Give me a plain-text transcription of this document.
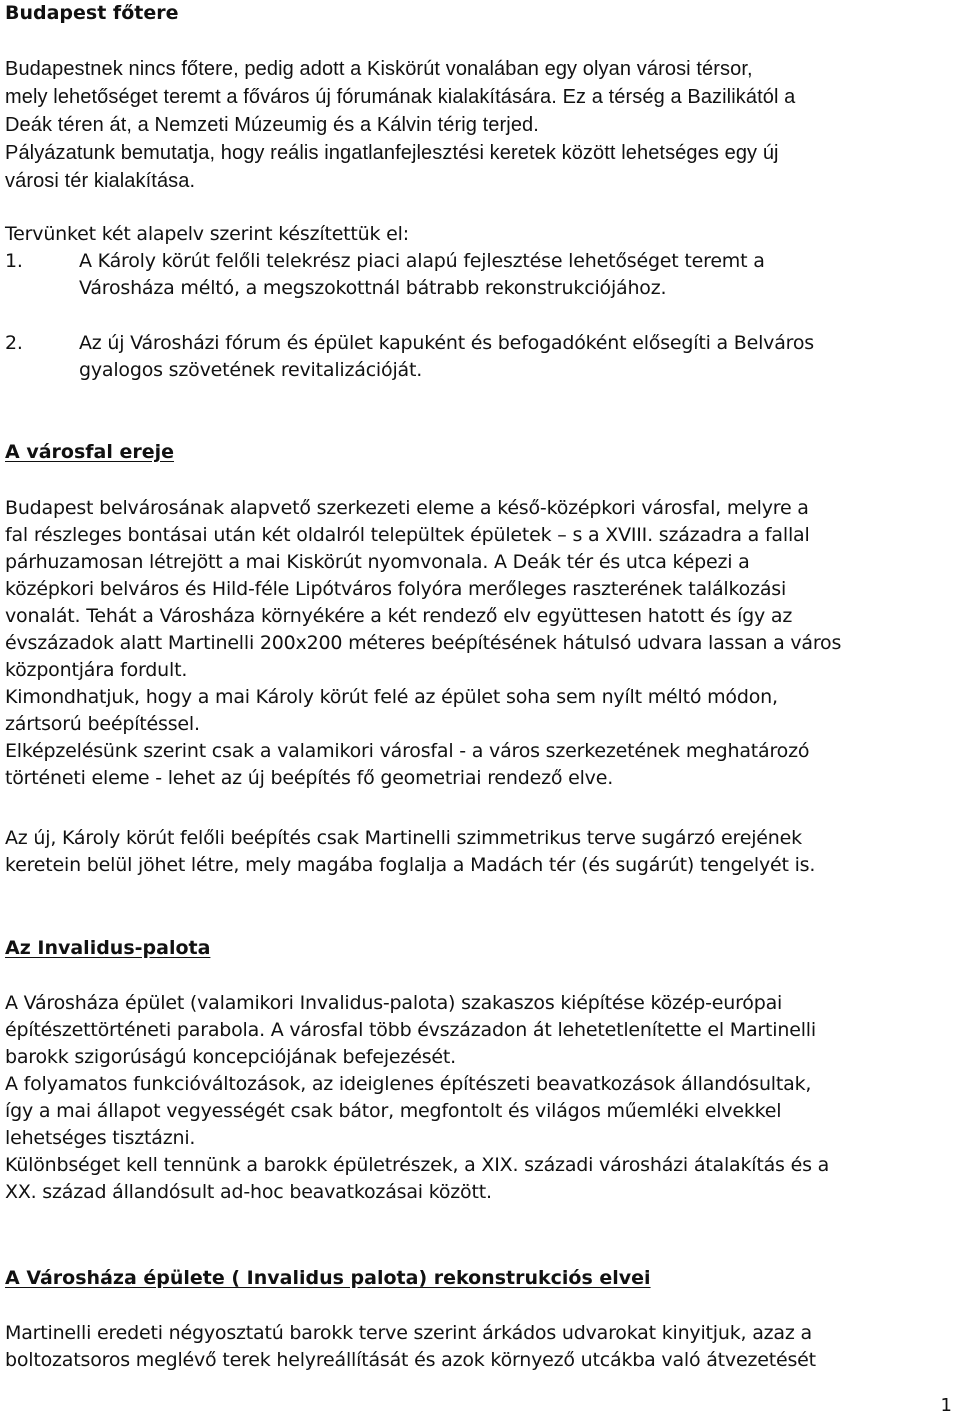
Budapest főtere
Budapestnek nincs főtere, pedig adott a Kiskörút vonalában egy olyan városi térsor,
mely lehetőséget teremt a főváros új fórumának kialakítására. Ez a térség a Bazilikától a
Deák téren át, a Nemzeti Múzeumig és a Kálvin térig terjed.
Pályázatunk bemutatja, hogy reális ingatlanfejlesztési keretek között lehetséges egy új
városi tér kialakítása.
Tervünket két alapelv szerint készítettük el:
1.	A Károly körút felőli telekrész piaci alapú fejlesztése lehetőséget teremt a
Városháza méltó, a megszokottnál bátrabb rekonstrukciójához.
2.	Az új Városházi fórum és épület kapuként és befogadóként elősegíti a Belváros
gyalogos szövetének revitalizációját.
A városfal ereje
Budapest belvárosának alapvető szerkezeti eleme a késő-középkori városfal, melyre a
fal részleges bontásai után két oldalról települtek épületek – s a XVIII. századra a fallal
párhuzamosan létrejött a mai Kiskörút nyomvonala. A Deák tér és utca képezi a
középkori belváros és Hild-féle Lipótváros folyóra merőleges raszterének találkozási
vonalát. Tehát a Városháza környékére a két rendező elv együttesen hatott és így az
évszázadok alatt Martinelli 200x200 méteres beépítésének hátulsó udvara lassan a város
központjára fordult.
Kimondhatjuk, hogy a mai Károly körút felé az épület soha sem nyílt méltó módon,
zártsorú beépítéssel.
Elképzelésünk szerint csak a valamikori városfal - a város szerkezetének meghatározó
történeti eleme - lehet az új beépítés fő geometriai rendező elve.
Az új, Károly körút felőli beépítés csak Martinelli szimmetrikus terve sugárzó erejének
keretein belül jöhet létre, mely magába foglalja a Madách tér (és sugárút) tengelyét is.
Az Invalidus-palota
A Városháza épület (valamikori Invalidus-palota) szakaszos kiépítése közép-európai
építészettörténeti parabola. A városfal több évszázadon át lehetetlenítette el Martinelli
barokk szigorúságú koncepciójának befejezését.
A folyamatos funkcióváltozások, az ideiglenes építészeti beavatkozások állandósultak,
így a mai állapot vegyességét csak bátor, megfontolt és világos műemléki elvekkel
lehetséges tisztázni.
Különbséget kell tennünk a barokk épületrészek, a XIX. századi városházi átalakítás és a
XX. század állandósult ad-hoc beavatkozásai között.
A Városháza épülete ( Invalidus palota) rekonstrukciós elvei
Martinelli eredeti négyosztatú barokk terve szerint árkádos udvarokat kinyitjuk, azaz a
boltozatsoros meglévő terek helyreállítását és azok környező utcákba való átvezetését
1
